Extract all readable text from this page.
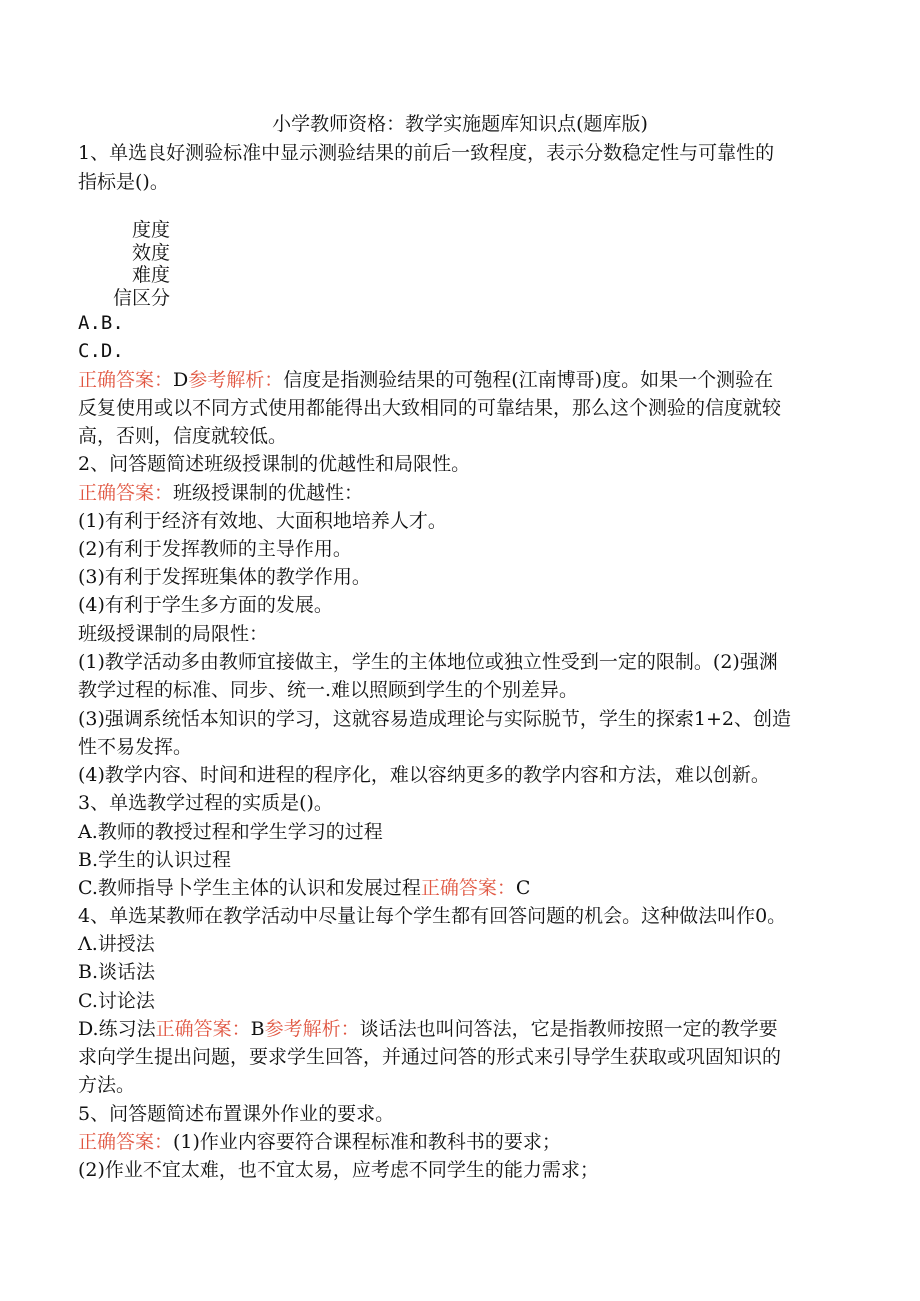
小学教师资格：教学实施题库知识点(题库版)
1、单选良好测验标准中显示测验结果的前后一致程度，表示分数稳定性与可靠性的
指标是()。
度度
效度
难度
信区分
A.B.
C.D.
正确答案：D参考解析：信度是指测验结果的可匏程(江南博哥)度。如果一个测验在
反复使用或以不同方式使用都能得出大致相同的可靠结果，那么这个测验的信度就较
高，否则，信度就较低。
2、问答题简述班级授课制的优越性和局限性。
正确答案：班级授课制的优越性：
(1)有利于经济有效地、大面积地培养人才。
(2)有利于发挥教师的主导作用。
(3)有利于发挥班集体的教学作用。
(4)有利于学生多方面的发展。
班级授课制的局限性：
(1)教学活动多由教师宜接做主，学生的主体地位或独立性受到一定的限制。(2)强渊
教学过程的标准、同步、统一.难以照顾到学生的个别差异。
(3)强调系统恬本知识的学习，这就容易造成理论与实际脱节，学生的探索1+2、创造
性不易发挥。
(4)教学内容、时间和进程的程序化，难以容纳更多的教学内容和方法，难以创新。
3、单选教学过程的实质是()。
A.教师的教授过程和学生学习的过程
B.学生的认识过程
C.教师指导卜学生主体的认识和发展过程正确答案：C
4、单选某教师在教学活动中尽量让每个学生都有回答问题的机会。这种做法叫作0。
Λ.讲授法
B.谈话法
C.讨论法
D.练习法正确答案：B参考解析：谈话法也叫问答法，它是指教师按照一定的教学要
求向学生提出问题，要求学生回答，并通过问答的形式来引导学生获取或巩固知识的
方法。
5、问答题简述布置课外作业的要求。
正确答案：(1)作业内容要符合课程标准和教科书的要求；
(2)作业不宜太难，也不宜太易，应考虑不同学生的能力需求；
